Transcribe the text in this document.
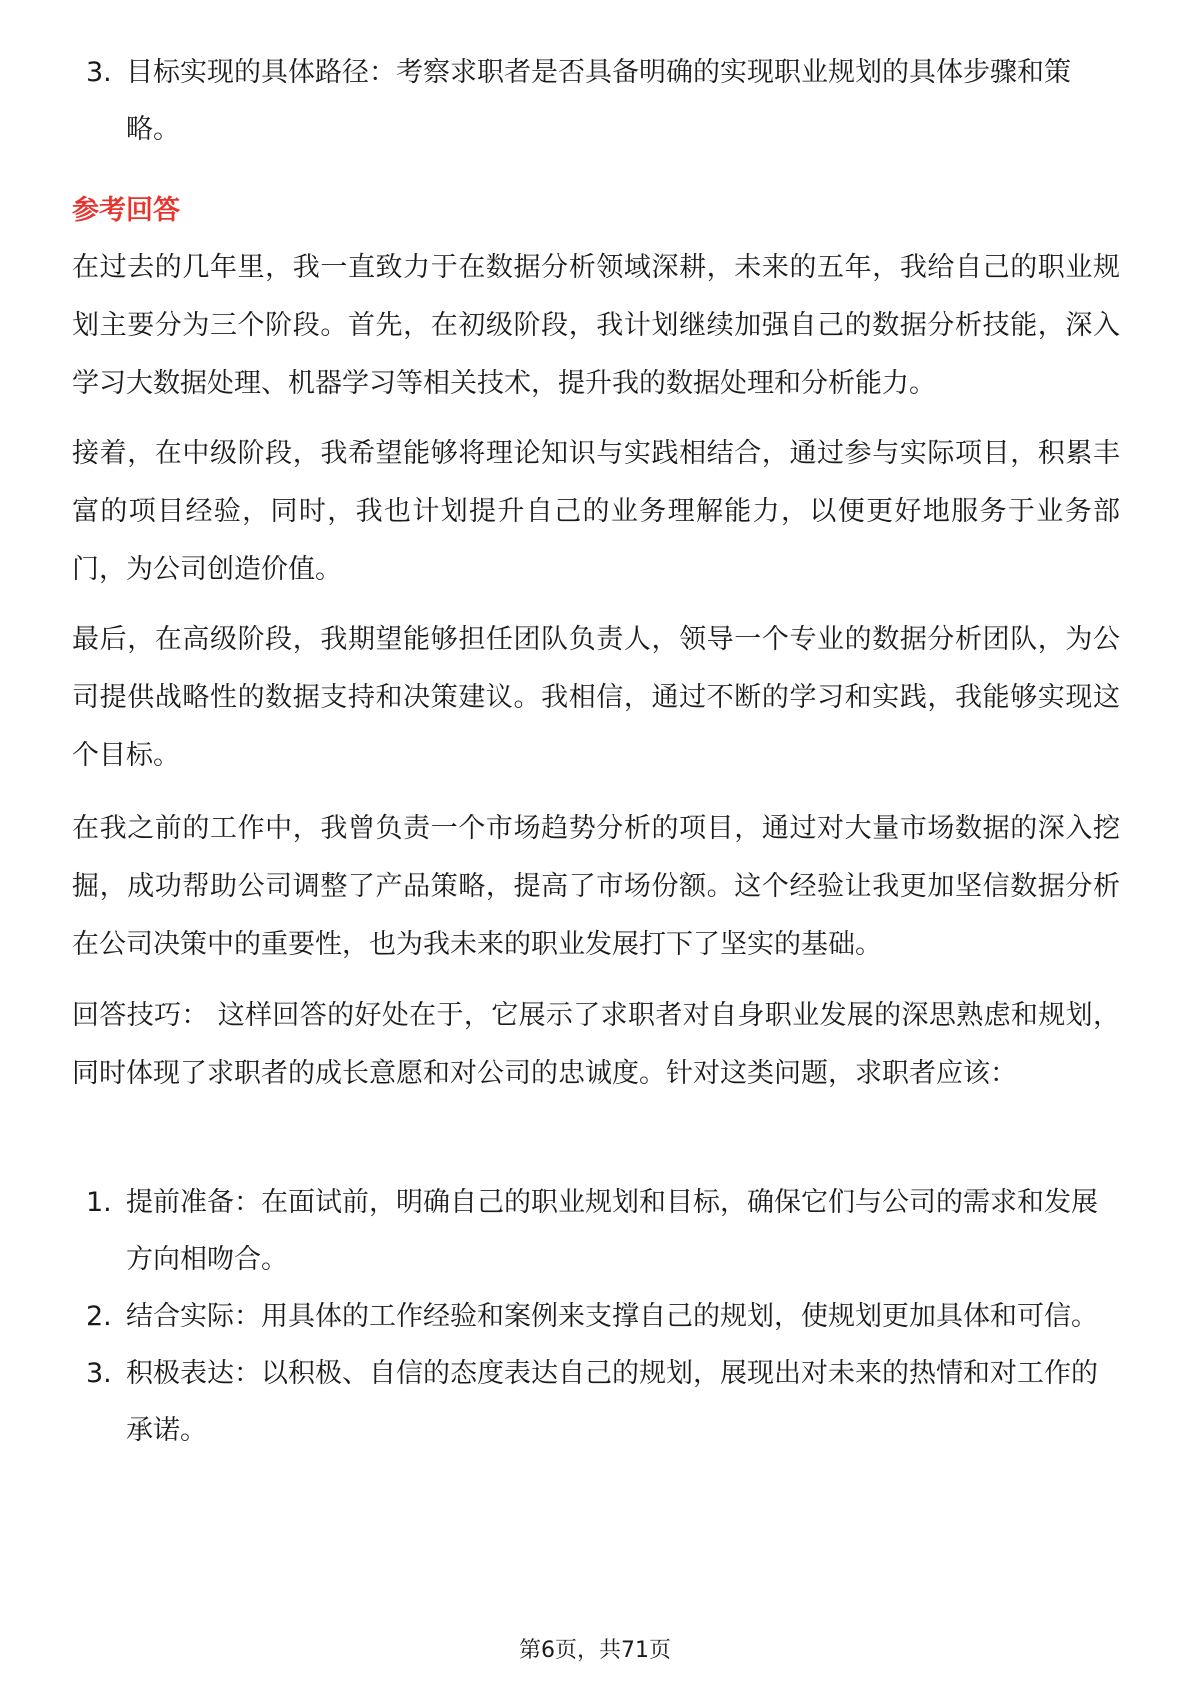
3. 目标实现的具体路径：考察求职者是否具备明确的实现职业规划的具体步骤和策略。
参考回答
在过去的几年里，我一直致力于在数据分析领域深耕，未来的五年，我给自己的职业规划主要分为三个阶段。首先，在初级阶段，我计划继续加强自己的数据分析技能，深入学习大数据处理、机器学习等相关技术，提升我的数据处理和分析能力。
接着，在中级阶段，我希望能够将理论知识与实践相结合，通过参与实际项目，积累丰富的项目经验，同时，我也计划提升自己的业务理解能力，以便更好地服务于业务部门，为公司创造价值。
最后，在高级阶段，我期望能够担任团队负责人，领导一个专业的数据分析团队，为公司提供战略性的数据支持和决策建议。我相信，通过不断的学习和实践，我能够实现这个目标。
在我之前的工作中，我曾负责一个市场趋势分析的项目，通过对大量市场数据的深入挖掘，成功帮助公司调整了产品策略，提高了市场份额。这个经验让我更加坚信数据分析在公司决策中的重要性，也为我未来的职业发展打下了坚实的基础。
回答技巧： 这样回答的好处在于，它展示了求职者对自身职业发展的深思熟虑和规划，同时体现了求职者的成长意愿和对公司的忠诚度。针对这类问题，求职者应该：
1. 提前准备：在面试前，明确自己的职业规划和目标，确保它们与公司的需求和发展方向相吻合。
2. 结合实际：用具体的工作经验和案例来支撑自己的规划，使规划更加具体和可信。
3. 积极表达：以积极、自信的态度表达自己的规划，展现出对未来的热情和对工作的承诺。
第6页，共71页
